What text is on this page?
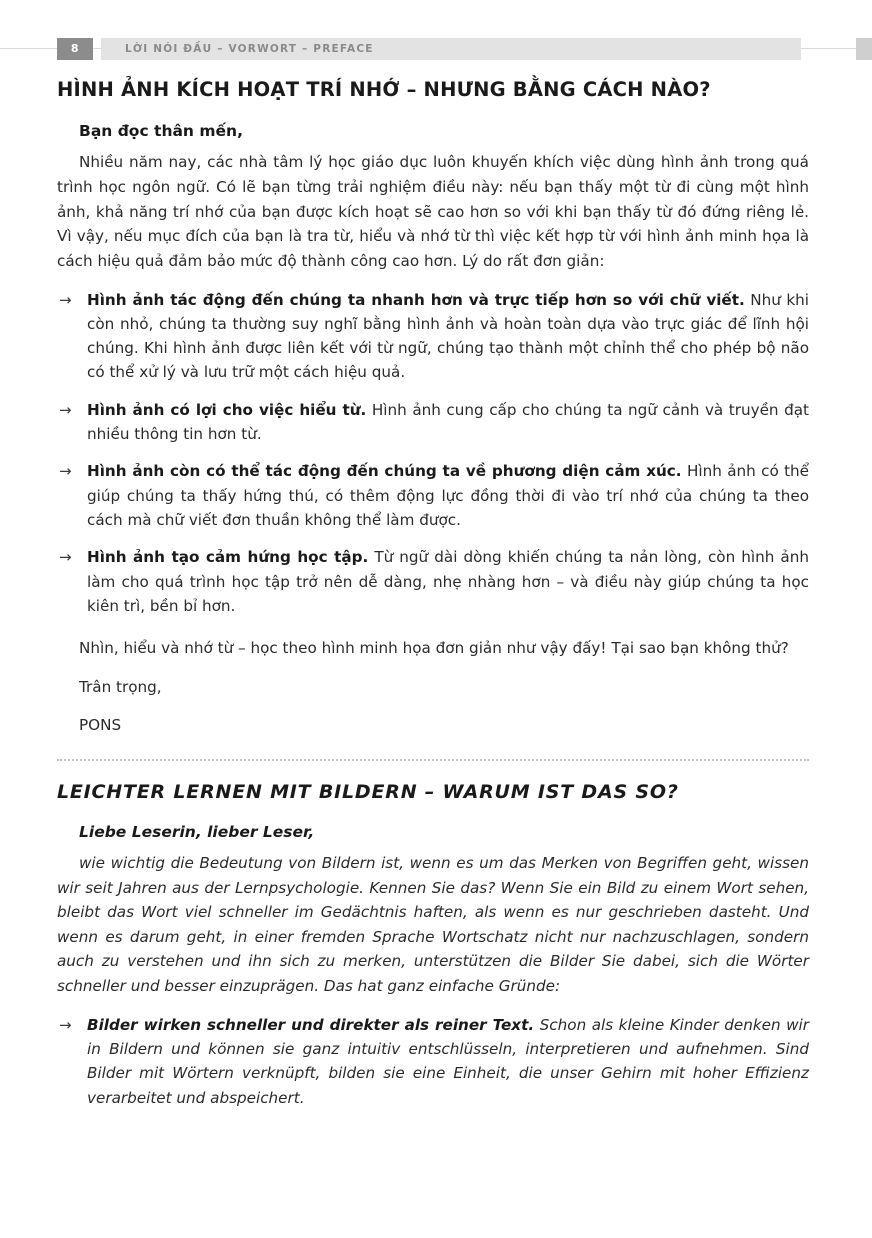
8	LỜI NÓI ĐẦU – VORWORT – PREFACE
HÌNH ẢNH KÍCH HOẠT TRÍ NHỚ – NHƯNG BẰNG CÁCH NÀO?
Bạn đọc thân mến,

Nhiều năm nay, các nhà tâm lý học giáo dục luôn khuyến khích việc dùng hình ảnh trong quá trình học ngôn ngữ. Có lẽ bạn từng trải nghiệm điều này: nếu bạn thấy một từ đi cùng một hình ảnh, khả năng trí nhớ của bạn được kích hoạt sẽ cao hơn so với khi bạn thấy từ đó đứng riêng lẻ. Vì vậy, nếu mục đích của bạn là tra từ, hiểu và nhớ từ thì việc kết hợp từ với hình ảnh minh họa là cách hiệu quả đảm bảo mức độ thành công cao hơn. Lý do rất đơn giản:

→ Hình ảnh tác động đến chúng ta nhanh hơn và trực tiếp hơn so với chữ viết. Như khi còn nhỏ, chúng ta thường suy nghĩ bằng hình ảnh và hoàn toàn dựa vào trực giác để lĩnh hội chúng. Khi hình ảnh được liên kết với từ ngữ, chúng tạo thành một chỉnh thể cho phép bộ não có thể xử lý và lưu trữ một cách hiệu quả.
→ Hình ảnh có lợi cho việc hiểu từ. Hình ảnh cung cấp cho chúng ta ngữ cảnh và truyền đạt nhiều thông tin hơn từ.
→ Hình ảnh còn có thể tác động đến chúng ta về phương diện cảm xúc. Hình ảnh có thể giúp chúng ta thấy hứng thú, có thêm động lực đồng thời đi vào trí nhớ của chúng ta theo cách mà chữ viết đơn thuần không thể làm được.
→ Hình ảnh tạo cảm hứng học tập. Từ ngữ dài dòng khiến chúng ta nản lòng, còn hình ảnh làm cho quá trình học tập trở nên dễ dàng, nhẹ nhàng hơn – và điều này giúp chúng ta học kiên trì, bền bỉ hơn.

Nhìn, hiểu và nhớ từ – học theo hình minh họa đơn giản như vậy đấy! Tại sao bạn không thử?

Trân trọng,

PONS

LEICHTER LERNEN MIT BILDERN – WARUM IST DAS SO?
Liebe Leserin, lieber Leser,

wie wichtig die Bedeutung von Bildern ist, wenn es um das Merken von Begriffen geht, wissen wir seit Jahren aus der Lernpsychologie. Kennen Sie das? Wenn Sie ein Bild zu einem Wort sehen, bleibt das Wort viel schneller im Gedächtnis haften, als wenn es nur geschrieben dasteht. Und wenn es darum geht, in einer fremden Sprache Wortschatz nicht nur nachzuschlagen, sondern auch zu verstehen und ihn sich zu merken, unterstützen die Bilder Sie dabei, sich die Wörter schneller und besser einzuprägen. Das hat ganz einfache Gründe:

→ Bilder wirken schneller und direkter als reiner Text. Schon als kleine Kinder denken wir in Bildern und können sie ganz intuitiv entschlüsseln, interpretieren und aufnehmen. Sind Bilder mit Wörtern verknüpft, bilden sie eine Einheit, die unser Gehirn mit hoher Effizienz verarbeitet und abspeichert.
